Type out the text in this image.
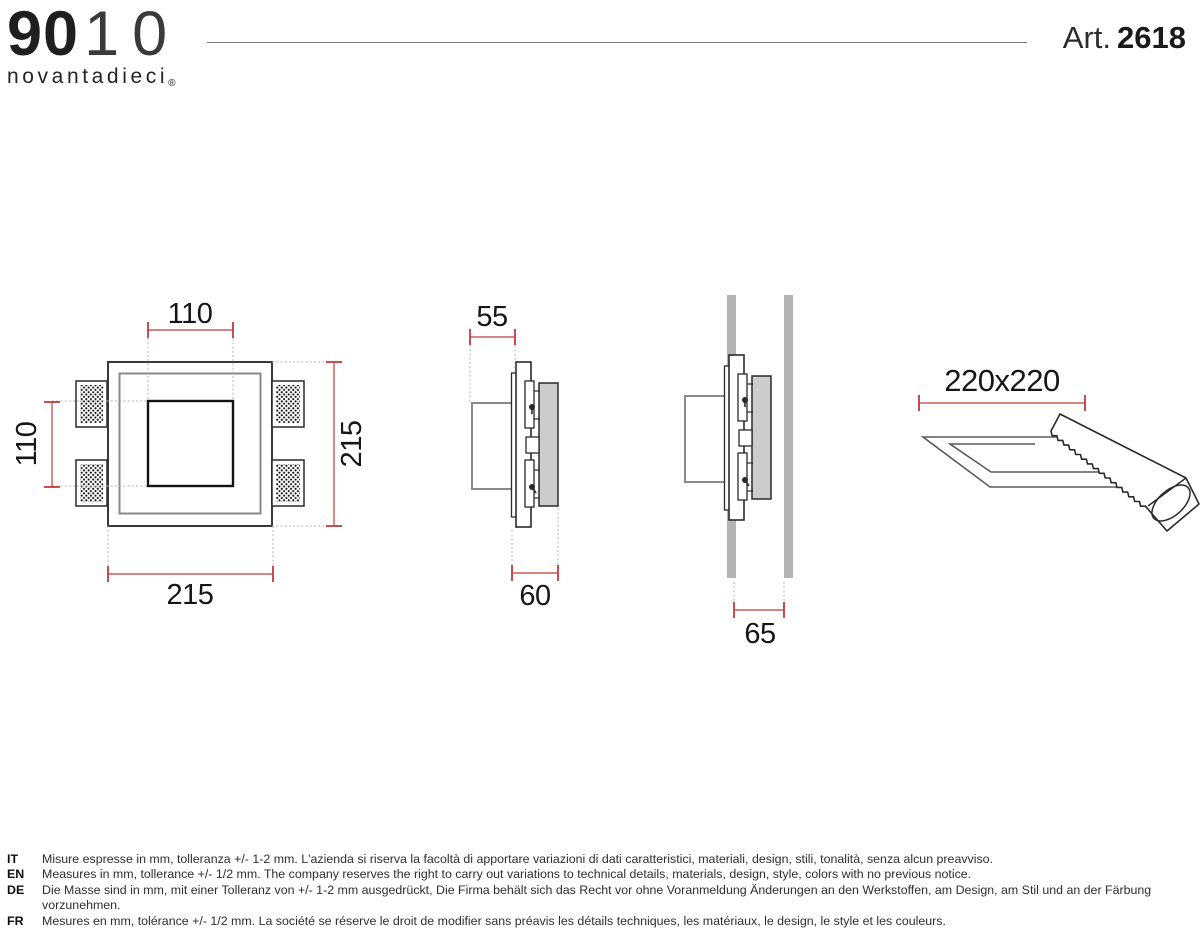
9010
novantadieci®
Art. 2618
110
110	215
215
55
60
65
220x220
IT	Misure espresse in mm, tolleranza +/- 1-2 mm. L'azienda si riserva la facoltà di apportare variazioni di dati caratteristici, materiali, design, stili, tonalità, senza alcun preavviso.
EN	Measures in mm, tollerance +/- 1/2 mm. The company reserves the right to carry out variations to technical details, materials, design, style, colors with no previous notice.
DE	Die Masse sind in mm, mit einer Tolleranz von +/- 1-2 mm ausgedrückt, Die Firma behält sich das Recht vor ohne Voranmeldung Änderungen an den Werkstoffen, am Design, am Stil und an der Färbung vorzunehmen.
FR	Mesures en mm, tolérance +/- 1/2 mm. La société se réserve le droit de modifier sans préavis les détails techniques, les matériaux, le design, le style et les couleurs.
